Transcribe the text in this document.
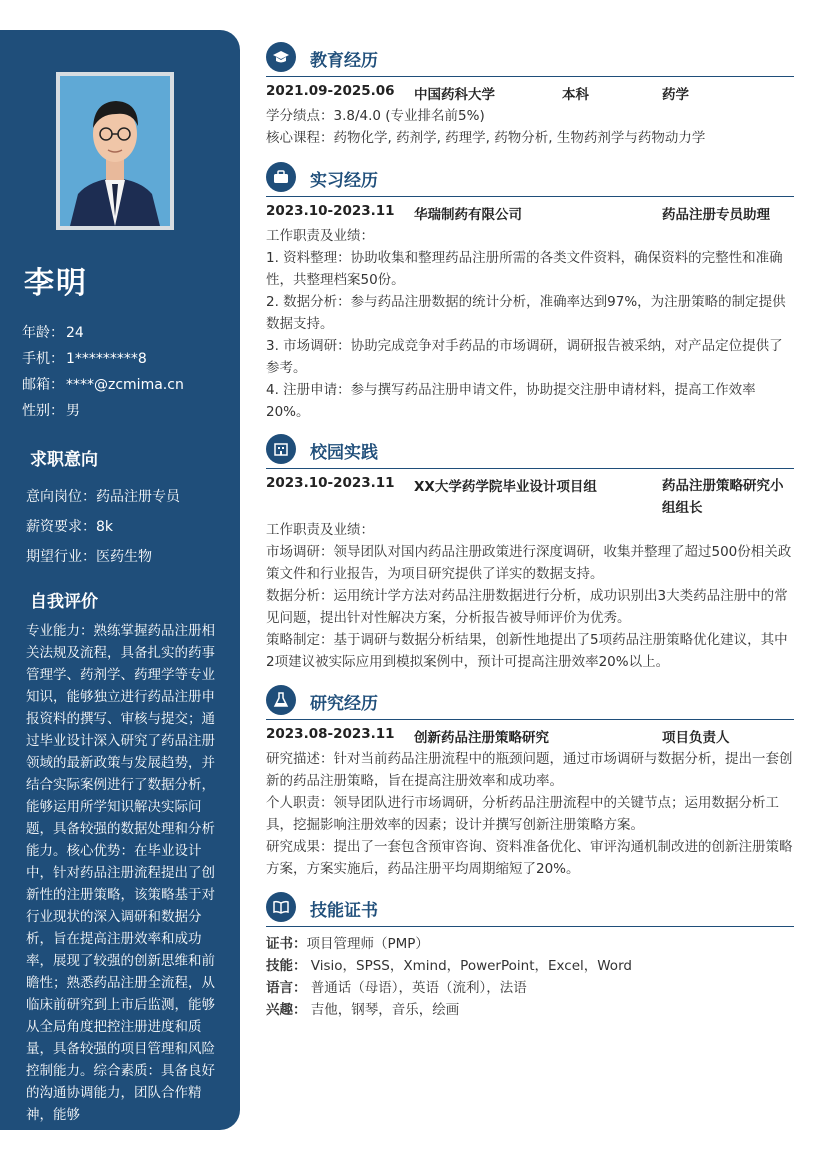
李明
年龄： 24
手机： 1*********8
邮箱： ****@zcmima.cn
性别： 男
求职意向
意向岗位：药品注册专员
薪资要求：8k
期望行业：医药生物
自我评价
专业能力：熟练掌握药品注册相关法规及流程，具备扎实的药事管理学、药剂学、药理学等专业知识，能够独立进行药品注册申报资料的撰写、审核与提交；通过毕业设计深入研究了药品注册领域的最新政策与发展趋势，并结合实际案例进行了数据分析，能够运用所学知识解决实际问题，具备较强的数据处理和分析能力。核心优势：在毕业设计中，针对药品注册流程提出了创新性的注册策略，该策略基于对行业现状的深入调研和数据分析，旨在提高注册效率和成功率，展现了较强的创新思维和前瞻性；熟悉药品注册全流程，从临床前研究到上市后监测，能够从全局角度把控注册进度和质量，具备较强的项目管理和风险控制能力。综合素质：具备良好的沟通协调能力，团队合作精神，能够
教育经历
2021.09-2025.06 中国药科大学	本科	药学
学分绩点：3.8/4.0 (专业排名前5%)
核心课程：药物化学, 药剂学, 药理学, 药物分析, 生物药剂学与药物动力学
实习经历
2023.10-2023.11 华瑞制药有限公司	药品注册专员助理
工作职责及业绩：
1. 资料整理：协助收集和整理药品注册所需的各类文件资料，确保资料的完整性和准确性，共整理档案50份。
2. 数据分析：参与药品注册数据的统计分析，准确率达到97%，为注册策略的制定提供数据支持。
3. 市场调研：协助完成竞争对手药品的市场调研，调研报告被采纳，对产品定位提供了参考。
4. 注册申请：参与撰写药品注册申请文件，协助提交注册申请材料，提高工作效率20%。
校园实践
2023.10-2023.11 XX大学药学院毕业设计项目组	药品注册策略研究小组组长
工作职责及业绩：
市场调研：领导团队对国内药品注册政策进行深度调研，收集并整理了超过500份相关政策文件和行业报告，为项目研究提供了详实的数据支持。
数据分析：运用统计学方法对药品注册数据进行分析，成功识别出3大类药品注册中的常见问题，提出针对性解决方案，分析报告被导师评价为优秀。
策略制定：基于调研与数据分析结果，创新性地提出了5项药品注册策略优化建议，其中2项建议被实际应用到模拟案例中，预计可提高注册效率20%以上。
研究经历
2023.08-2023.11 创新药品注册策略研究	项目负责人
研究描述：针对当前药品注册流程中的瓶颈问题，通过市场调研与数据分析，提出一套创新的药品注册策略，旨在提高注册效率和成功率。
个人职责：领导团队进行市场调研，分析药品注册流程中的关键节点；运用数据分析工具，挖掘影响注册效率的因素；设计并撰写创新注册策略方案。
研究成果：提出了一套包含预审咨询、资料准备优化、审评沟通机制改进的创新注册策略方案，方案实施后，药品注册平均周期缩短了20%。
技能证书
证书：项目管理师（PMP）
技能： Visio，SPSS，Xmind，PowerPoint，Excel，Word
语言： 普通话（母语），英语（流利），法语
兴趣： 吉他，钢琴，音乐，绘画
